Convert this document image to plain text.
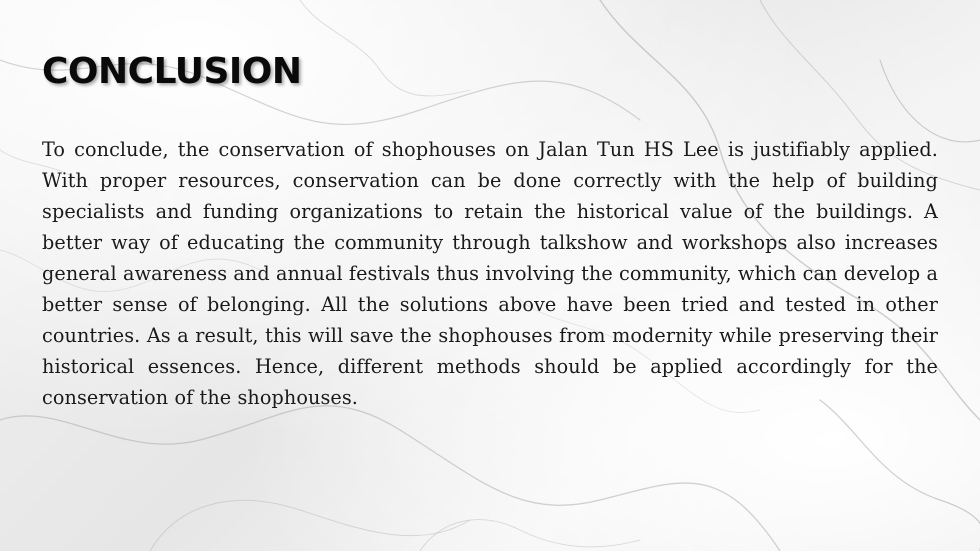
CONCLUSION

To conclude, the conservation of shophouses on Jalan Tun HS Lee is justifiably applied. With proper resources, conservation can be done correctly with the help of building specialists and funding organizations to retain the historical value of the buildings. A better way of educating the community through talkshow and workshops also increases general awareness and annual festivals thus involving the community, which can develop a better sense of belonging. All the solutions above have been tried and tested in other countries. As a result, this will save the shophouses from modernity while preserving their historical essences. Hence, different methods should be applied accordingly for the conservation of the shophouses.
